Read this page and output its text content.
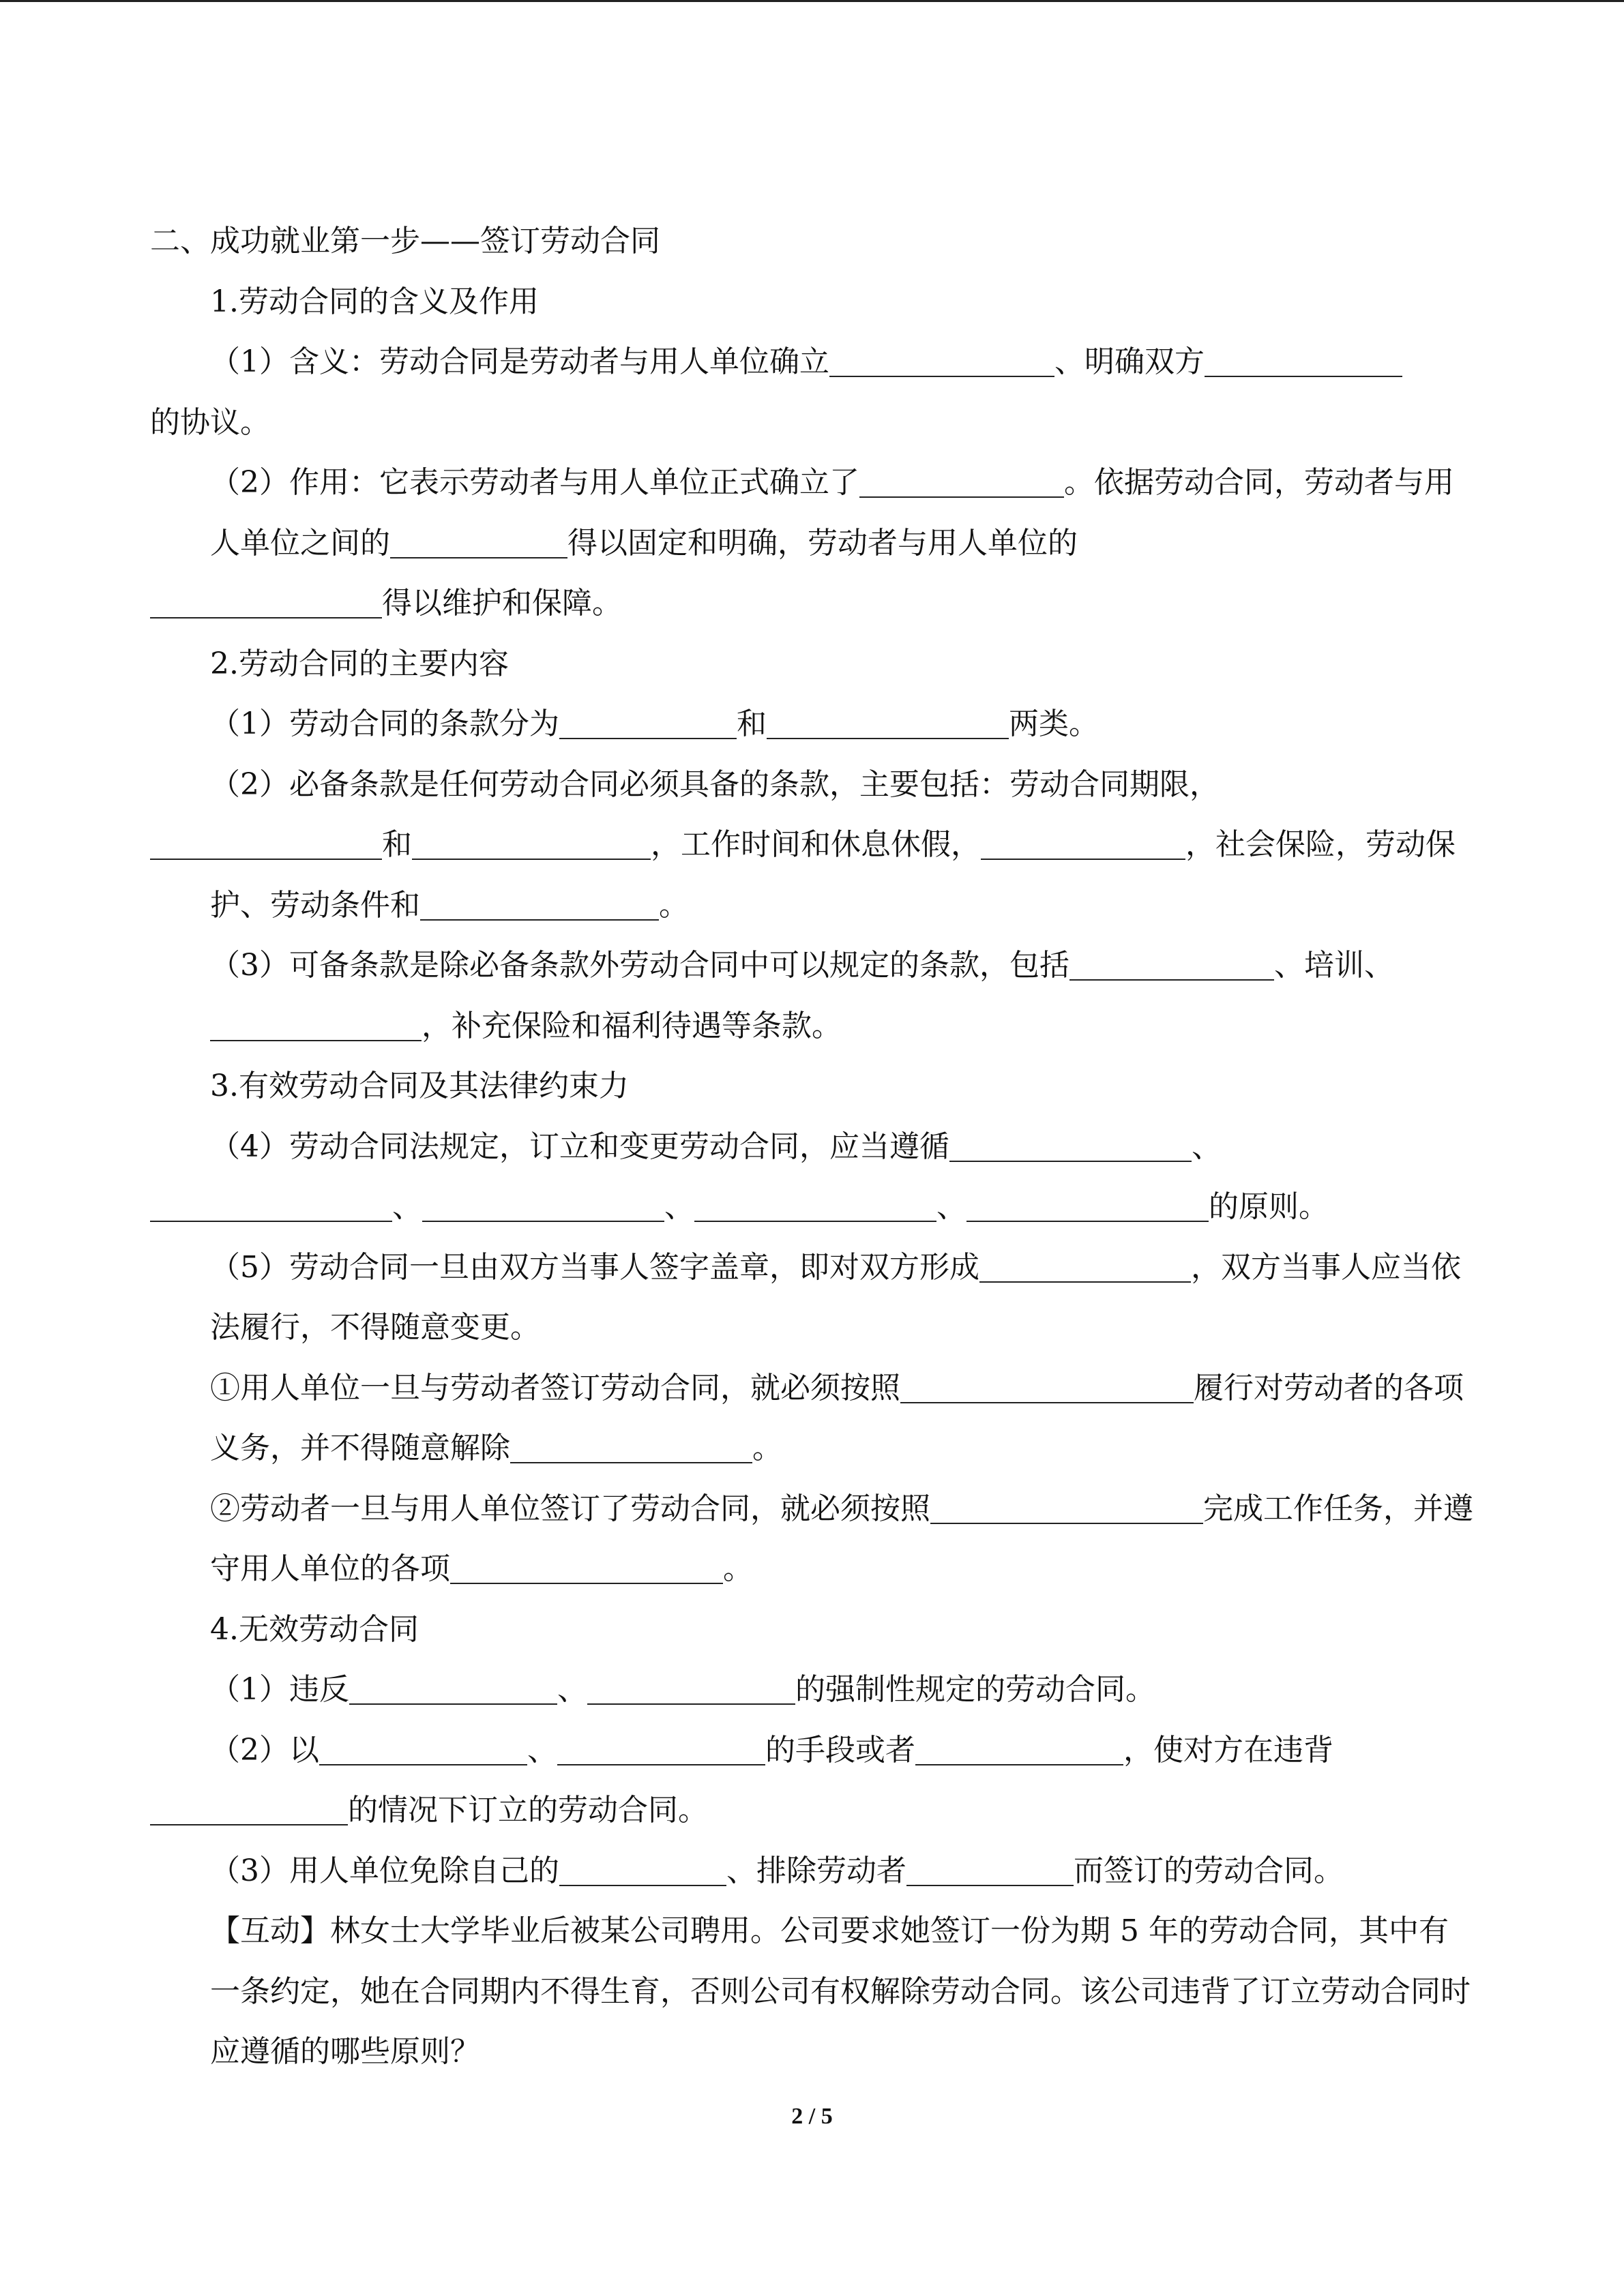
二、成功就业第一步——签订劳动合同

1.劳动合同的含义及作用

（1）含义：劳动合同是劳动者与用人单位确立	、明确双方
的协议。

（2）作用：它表示劳动者与用人单位正式确立了	。依据劳动合同，劳动者与用人单位之间的	得以固定和明确，劳动者与用人单位的
得以维护和保障。

2.劳动合同的主要内容

（1）劳动合同的条款分为	和	两类。

（2）必备条款是任何劳动合同必须具备的条款，主要包括：劳动合同期限，
和	，工作时间和休息休假，	，社会保险，劳动保护、劳动条件和	。

（3）可备条款是除必备条款外劳动合同中可以规定的条款，包括	、培训、，补充保险和福利待遇等条款。

3.有效劳动合同及其法律约束力

（4）劳动合同法规定，订立和变更劳动合同，应当遵循	、
、	、	、	的原则。

（5）劳动合同一旦由双方当事人签字盖章，即对双方形成	，双方当事人应当依法履行，不得随意变更。

①用人单位一旦与劳动者签订劳动合同，就必须按照	履行对劳动者的各项义务，并不得随意解除	。

②劳动者一旦与用人单位签订了劳动合同，就必须按照	完成工作任务，并遵守用人单位的各项	。

4.无效劳动合同

（1）违反	、	的强制性规定的劳动合同。

（2）以	、	的手段或者	，使对方在违背
的情况下订立的劳动合同。

（3）用人单位免除自己的	、排除劳动者	而签订的劳动合同。

【互动】林女士大学毕业后被某公司聘用。公司要求她签订一份为期 5 年的劳动合同，其中有一条约定，她在合同期内不得生育，否则公司有权解除劳动合同。该公司违背了订立劳动合同时应遵循的哪些原则？

2 / 5
